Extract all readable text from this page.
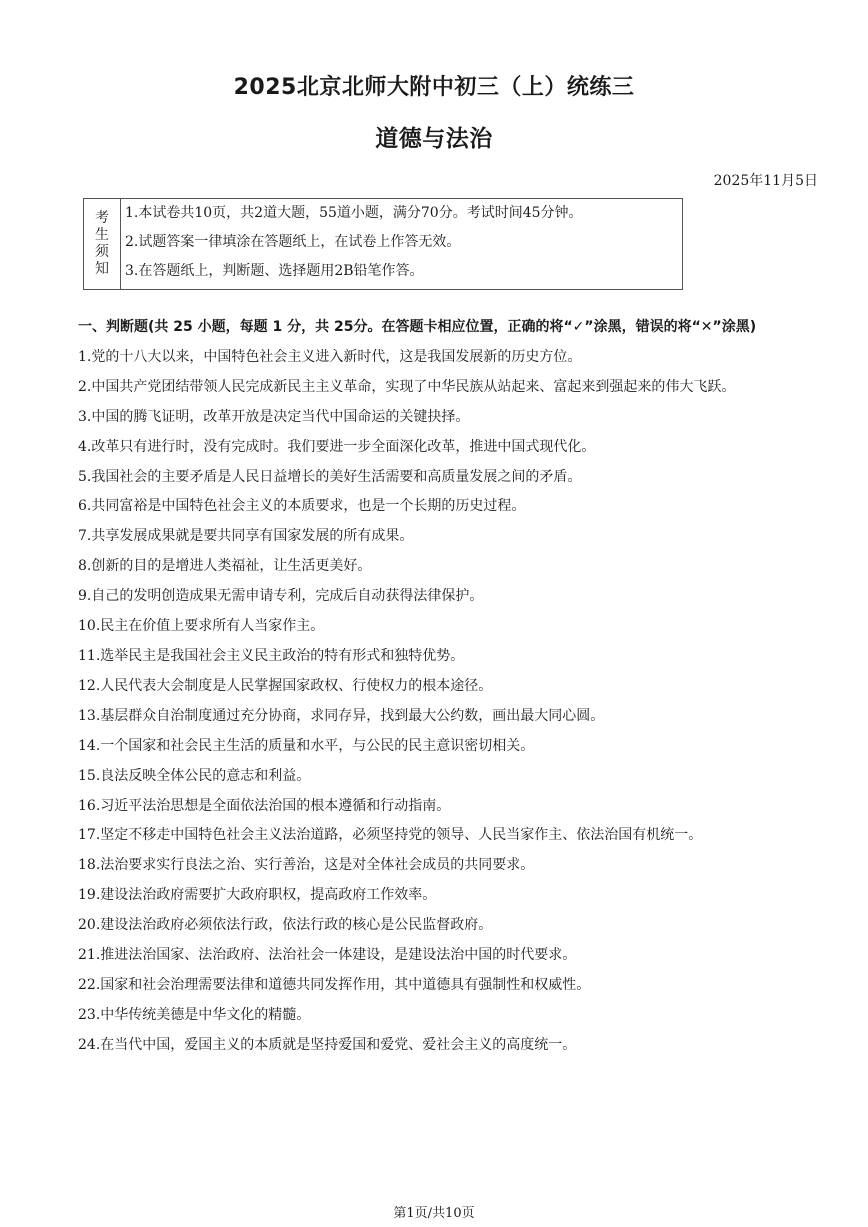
2025北京北师大附中初三（上）统练三
道德与法治
2025年11月5日
考
生
须
知
1.本试卷共10页，共2道大题，55道小题，满分70分。考试时间45分钟。
2.试题答案一律填涂在答题纸上，在试卷上作答无效。
3.在答题纸上，判断题、选择题用2B铅笔作答。
一、判断题(共 25 小题，每题 1 分，共 25分。在答题卡相应位置，正确的将“✓”涂黑，错误的将“✕”涂黑)
1.党的十八大以来，中国特色社会主义进入新时代，这是我国发展新的历史方位。
2.中国共产党团结带领人民完成新民主主义革命，实现了中华民族从站起来、富起来到强起来的伟大飞跃。
3.中国的腾飞证明，改革开放是决定当代中国命运的关键抉择。
4.改革只有进行时，没有完成时。我们要进一步全面深化改革，推进中国式现代化。
5.我国社会的主要矛盾是人民日益增长的美好生活需要和高质量发展之间的矛盾。
6.共同富裕是中国特色社会主义的本质要求，也是一个长期的历史过程。
7.共享发展成果就是要共同享有国家发展的所有成果。
8.创新的目的是增进人类福祉，让生活更美好。
9.自己的发明创造成果无需申请专利，完成后自动获得法律保护。
10.民主在价值上要求所有人当家作主。
11.选举民主是我国社会主义民主政治的特有形式和独特优势。
12.人民代表大会制度是人民掌握国家政权、行使权力的根本途径。
13.基层群众自治制度通过充分协商，求同存异，找到最大公约数，画出最大同心圆。
14.一个国家和社会民主生活的质量和水平，与公民的民主意识密切相关。
15.良法反映全体公民的意志和利益。
16.习近平法治思想是全面依法治国的根本遵循和行动指南。
17.坚定不移走中国特色社会主义法治道路，必须坚持党的领导、人民当家作主、依法治国有机统一。
18.法治要求实行良法之治、实行善治，这是对全体社会成员的共同要求。
19.建设法治政府需要扩大政府职权，提高政府工作效率。
20.建设法治政府必须依法行政，依法行政的核心是公民监督政府。
21.推进法治国家、法治政府、法治社会一体建设，是建设法治中国的时代要求。
22.国家和社会治理需要法律和道德共同发挥作用，其中道德具有强制性和权威性。
23.中华传统美德是中华文化的精髓。
24.在当代中国，爱国主义的本质就是坚持爱国和爱党、爱社会主义的高度统一。
第1页/共10页
